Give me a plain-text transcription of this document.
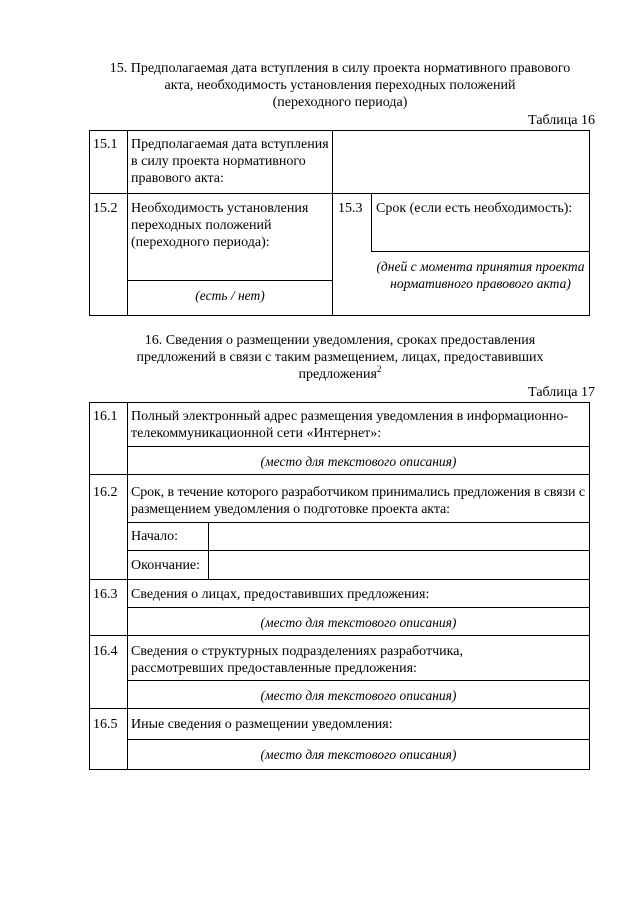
15. Предполагаемая дата вступления в силу проекта нормативного правового
акта, необходимость установления переходных положений
(переходного периода)
Таблица 16
15.1 Предполагаемая дата вступления в силу проекта нормативного правового акта:
15.2 Необходимость установления переходных положений (переходного периода):
(есть / нет)
15.3 Срок (если есть необходимость):
(дней с момента принятия проекта нормативного правового акта)
16. Сведения о размещении уведомления, сроках предоставления
предложений в связи с таким размещением, лицах, предоставивших
предложения$^2$
Таблица 17
16.1 Полный электронный адрес размещения уведомления в информационно-телекоммуникационной сети «Интернет»:
(место для текстового описания)
16.2 Срок, в течение которого разработчиком принимались предложения в связи с размещением уведомления о подготовке проекта акта:
Начало:
Окончание:
16.3 Сведения о лицах, предоставивших предложения:
(место для текстового описания)
16.4 Сведения о структурных подразделениях разработчика, рассмотревших предоставленные предложения:
(место для текстового описания)
16.5 Иные сведения о размещении уведомления:
(место для текстового описания)
